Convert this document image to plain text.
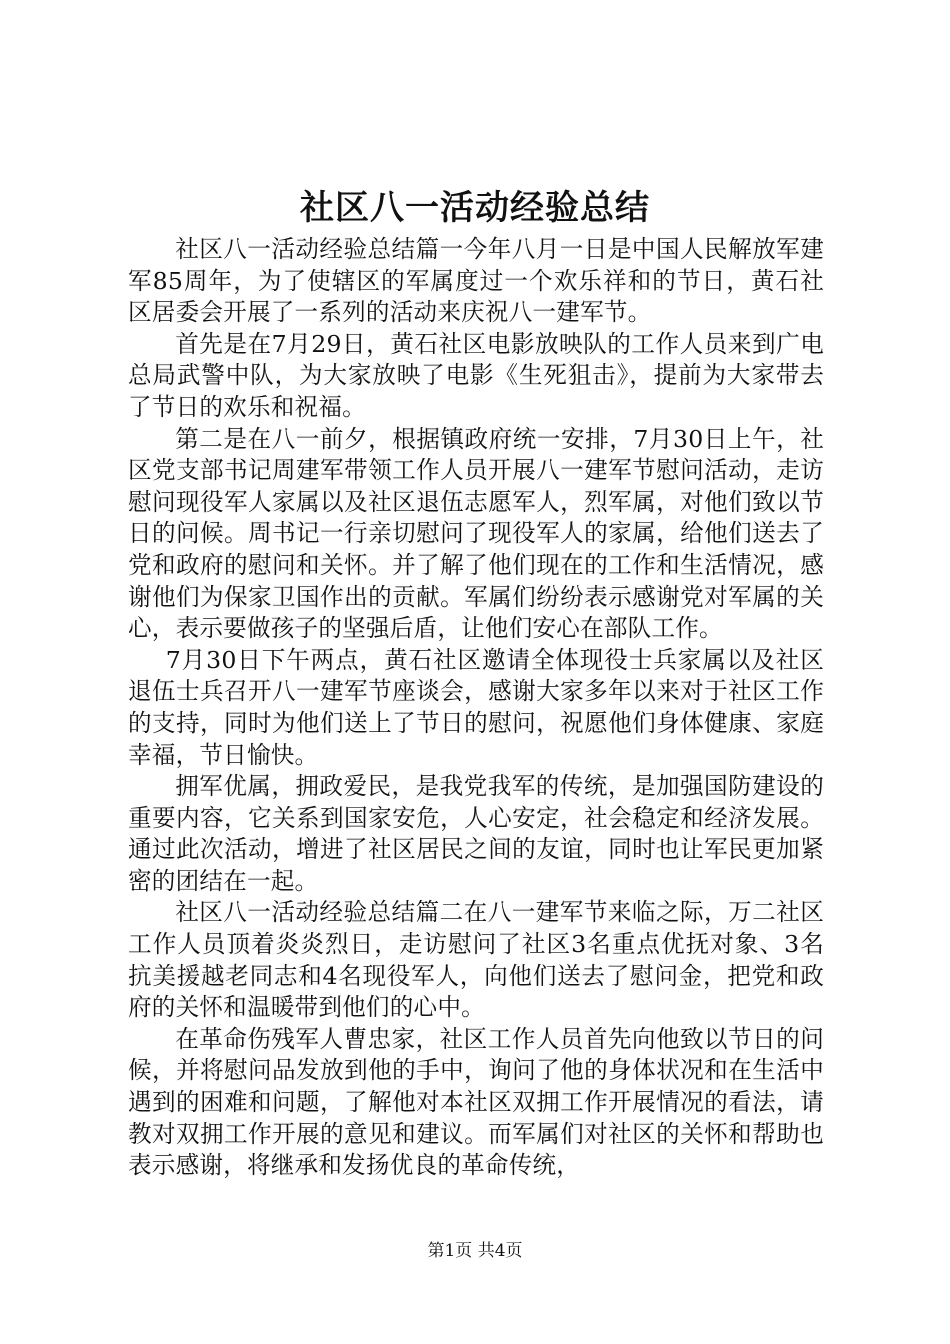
社区八一活动经验总结

社区八一活动经验总结篇一今年八月一日是中国人民解放军建军85周年，为了使辖区的军属度过一个欢乐祥和的节日，黄石社区居委会开展了一系列的活动来庆祝八一建军节。

首先是在7月29日，黄石社区电影放映队的工作人员来到广电总局武警中队，为大家放映了电影《生死狙击》，提前为大家带去了节日的欢乐和祝福。

第二是在八一前夕，根据镇政府统一安排，7月30日上午，社区党支部书记周建军带领工作人员开展八一建军节慰问活动，走访慰问现役军人家属以及社区退伍志愿军人，烈军属，对他们致以节日的问候。周书记一行亲切慰问了现役军人的家属，给他们送去了党和政府的慰问和关怀。并了解了他们现在的工作和生活情况，感谢他们为保家卫国作出的贡献。军属们纷纷表示感谢党对军属的关心，表示要做孩子的坚强后盾，让他们安心在部队工作。

7月30日下午两点，黄石社区邀请全体现役士兵家属以及社区退伍士兵召开八一建军节座谈会，感谢大家多年以来对于社区工作的支持，同时为他们送上了节日的慰问，祝愿他们身体健康、家庭幸福，节日愉快。

拥军优属，拥政爱民，是我党我军的传统，是加强国防建设的重要内容，它关系到国家安危，人心安定，社会稳定和经济发展。通过此次活动，增进了社区居民之间的友谊，同时也让军民更加紧密的团结在一起。

社区八一活动经验总结篇二在八一建军节来临之际，万二社区工作人员顶着炎炎烈日，走访慰问了社区3名重点优抚对象、3名抗美援越老同志和4名现役军人，向他们送去了慰问金，把党和政府的关怀和温暖带到他们的心中。

在革命伤残军人曹忠家，社区工作人员首先向他致以节日的问候，并将慰问品发放到他的手中，询问了他的身体状况和在生活中遇到的困难和问题，了解他对本社区双拥工作开展情况的看法，请教对双拥工作开展的意见和建议。而军属们对社区的关怀和帮助也表示感谢，将继承和发扬优良的革命传统，

第1页 共4页
